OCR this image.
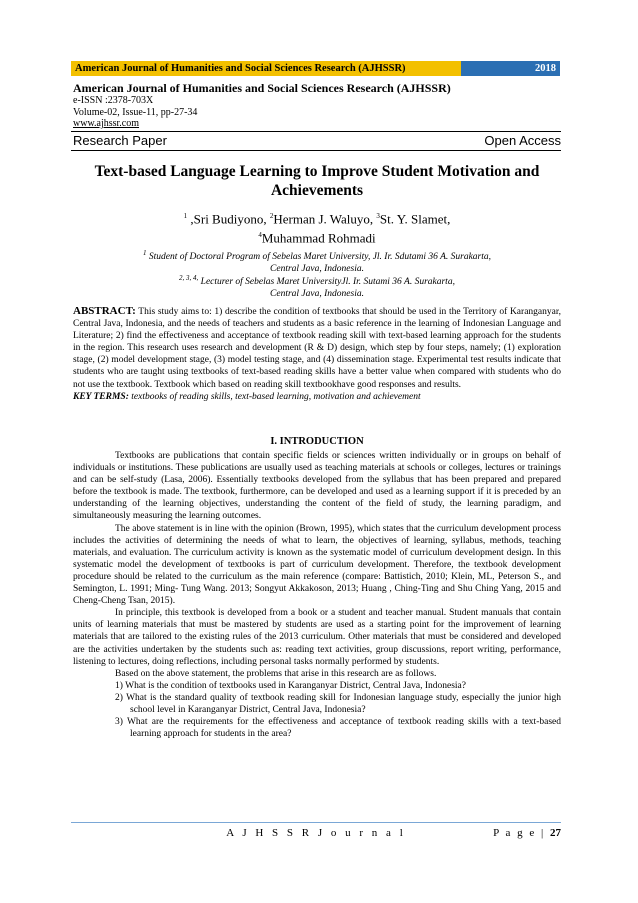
American Journal of Humanities and Social Sciences Research (AJHSSR)	2018
American Journal of Humanities and Social Sciences Research (AJHSSR)
e-ISSN :2378-703X
Volume-02, Issue-11, pp-27-34
www.ajhssr.com
Research Paper	Open Access
Text-based Language Learning to Improve Student Motivation and Achievements
$^1$ ,Sri Budiyono, $^2$Herman J. Waluyo, $^3$St. Y. Slamet,
$^4$Muhammad Rohmadi
$^1$ Student of Doctoral Program of Sebelas Maret University, Jl. Ir. Sdutami 36 A. Surakarta,
Central Java, Indonesia.
$^{2, 3, 4,}$ Lecturer of Sebelas Maret UniversityJl. Ir. Sutami 36 A. Surakarta,
Central Java, Indonesia.
ABSTRACT: This study aims to: 1) describe the condition of textbooks that should be used in the Territory of Karanganyar, Central Java, Indonesia, and the needs of teachers and students as a basic reference in the learning of Indonesian Language and Literature; 2) find the effectiveness and acceptance of textbook reading skill with text-based learning approach for the students in the region. This research uses research and development (R & D) design, which step by four steps, namely; (1) exploration stage, (2) model development stage, (3) model testing stage, and (4) dissemination stage. Experimental test results indicate that students who are taught using textbooks of text-based reading skills have a better value when compared with students who do not use the textbook. Textbook which based on reading skill textbookhave good responses and results.
KEY TERMS: textbooks of reading skills, text-based learning, motivation and achievement
I. INTRODUCTION

Textbooks are publications that contain specific fields or sciences written individually or in groups on behalf of individuals or institutions. These publications are usually used as teaching materials at schools or colleges, lectures or trainings and can be self-study (Lasa, 2006). Essentially textbooks developed from the syllabus that has been prepared and prepared before the textbook is made. The textbook, furthermore, can be developed and used as a learning support if it is preceded by an understanding of the learning objectives, understanding the content of the field of study, the learning paradigm, and simultaneously measuring the learning outcomes.

The above statement is in line with the opinion (Brown, 1995), which states that the curriculum development process includes the activities of determining the needs of what to learn, the objectives of learning, syllabus, methods, teaching materials, and evaluation. The curriculum activity is known as the systematic model of curriculum development design. In this systematic model the development of textbooks is part of curriculum development. Therefore, the textbook development procedure should be related to the curriculum as the main reference (compare: Battistich, 2010; Klein, ML, Peterson S., and Semington, L. 1991; Ming- Tung Wang. 2013; Songyut Akkakoson, 2013; Huang , Ching-Ting and Shu Ching Yang, 2015 and Cheng-Cheng Tsan, 2015).

In principle, this textbook is developed from a book or a student and teacher manual. Student manuals that contain units of learning materials that must be mastered by students are used as a starting point for the improvement of learning materials that are tailored to the existing rules of the 2013 curriculum. Other materials that must be considered and developed are the activities undertaken by the students such as: reading text activities, group discussions, report writing, performance, listening to lectures, doing reflections, including personal tasks normally performed by students.

Based on the above statement, the problems that arise in this research are as follows.

1) What is the condition of textbooks used in Karanganyar District, Central Java, Indonesia?

2) What is the standard quality of textbook reading skill for Indonesian language study, especially the junior high school level in Karanganyar District, Central Java, Indonesia?

3) What are the requirements for the effectiveness and acceptance of textbook reading skills with a text-based learning approach for students in the area?

A J H S S R J o u r n a l	P a g e | 27
